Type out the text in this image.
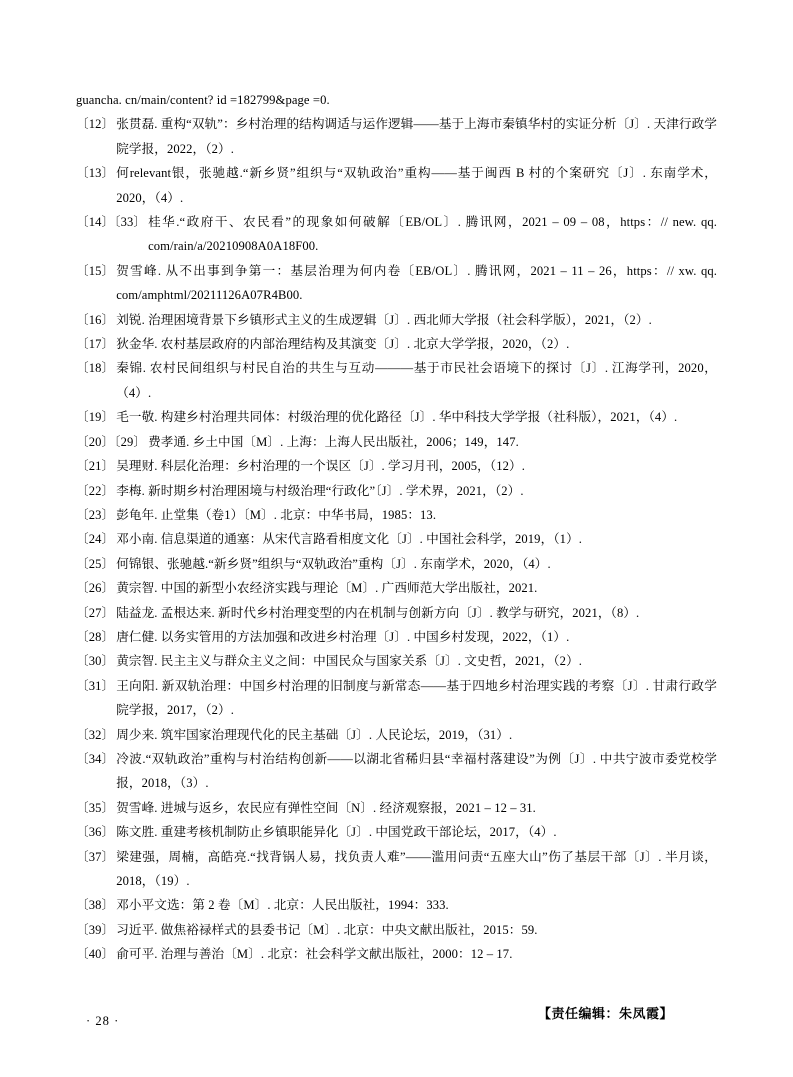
guancha. cn/main/content? id =182799&page =0.
〔12〕 张贯磊. 重构“双轨”：乡村治理的结构调适与运作逻辑——基于上海市秦镇华村的实证分析〔J〕. 天津行政学院学报，2022，（2）.
〔13〕 何relevant银，张驰越.“新乡贤”组织与“双轨政治”重构——基于闽西 B 村的个案研究〔J〕. 东南学术，2020，（4）.
〔14〕〔33〕 桂华.“政府干、农民看”的现象如何破解〔EB/OL〕. 腾讯网，2021 – 09 – 08，https：// new. qq. com/rain/a/20210908A0A18F00.
〔15〕 贺雪峰. 从不出事到争第一：基层治理为何内卷〔EB/OL〕. 腾讯网，2021 – 11 – 26，https：// xw. qq. com/amphtml/20211126A07R4B00.
〔16〕 刘锐. 治理困境背景下乡镇形式主义的生成逻辑〔J〕. 西北师大学报（社会科学版），2021，（2）.
〔17〕 狄金华. 农村基层政府的内部治理结构及其演变〔J〕. 北京大学学报，2020，（2）.
〔18〕 秦锦. 农村民间组织与村民自治的共生与互动———基于市民社会语境下的探讨〔J〕. 江海学刊，2020，（4）.
〔19〕 毛一敬. 构建乡村治理共同体：村级治理的优化路径〔J〕. 华中科技大学学报（社科版），2021，（4）.
〔20〕〔29〕 费孝通. 乡土中国〔M〕. 上海：上海人民出版社，2006；149，147.
〔21〕 吴理财. 科层化治理：乡村治理的一个误区〔J〕. 学习月刊，2005，（12）.
〔22〕 李梅. 新时期乡村治理困境与村级治理“行政化”〔J〕. 学术界，2021，（2）.
〔23〕 彭龟年. 止堂集（卷1）〔M〕. 北京：中华书局，1985：13.
〔24〕 邓小南. 信息渠道的通塞：从宋代言路看相度文化〔J〕. 中国社会科学，2019，（1）.
〔25〕 何锦银、张驰越.“新乡贤”组织与“双轨政治”重构〔J〕. 东南学术，2020，（4）.
〔26〕 黄宗智. 中国的新型小农经济实践与理论〔M〕. 广西师范大学出版社，2021.
〔27〕 陆益龙. 孟根达来. 新时代乡村治理变型的内在机制与创新方向〔J〕. 教学与研究，2021，（8）.
〔28〕 唐仁健. 以务实管用的方法加强和改进乡村治理〔J〕. 中国乡村发现，2022，（1）.
〔30〕 黄宗智. 民主主义与群众主义之间：中国民众与国家关系〔J〕. 文史哲，2021，（2）.
〔31〕 王向阳. 新双轨治理：中国乡村治理的旧制度与新常态——基于四地乡村治理实践的考察〔J〕. 甘肃行政学院学报，2017，（2）.
〔32〕 周少来. 筑牢国家治理现代化的民主基础〔J〕. 人民论坛，2019，（31）.
〔34〕 冷波.“双轨政治”重构与村治结构创新——以湖北省稀归县“幸福村落建设”为例〔J〕. 中共宁波市委党校学报，2018，（3）.
〔35〕 贺雪峰. 进城与返乡，农民应有弹性空间〔N〕. 经济观察报，2021 – 12 – 31.
〔36〕 陈文胜. 重建考核机制防止乡镇职能异化〔J〕. 中国党政干部论坛，2017，（4）.
〔37〕 梁建强，周楠，高皓亮.“找背锅人易，找负责人难”——滥用问责“五座大山”伤了基层干部〔J〕. 半月谈，2018，（19）.
〔38〕 邓小平文选：第 2 卷〔M〕. 北京：人民出版社，1994：333.
〔39〕 习近平. 做焦裕禄样式的县委书记〔M〕. 北京：中央文献出版社，2015：59.
〔40〕 俞可平. 治理与善治〔M〕. 北京：社会科学文献出版社，2000：12 – 17.
【责任编辑：朱凤霞】
· 28 ·
